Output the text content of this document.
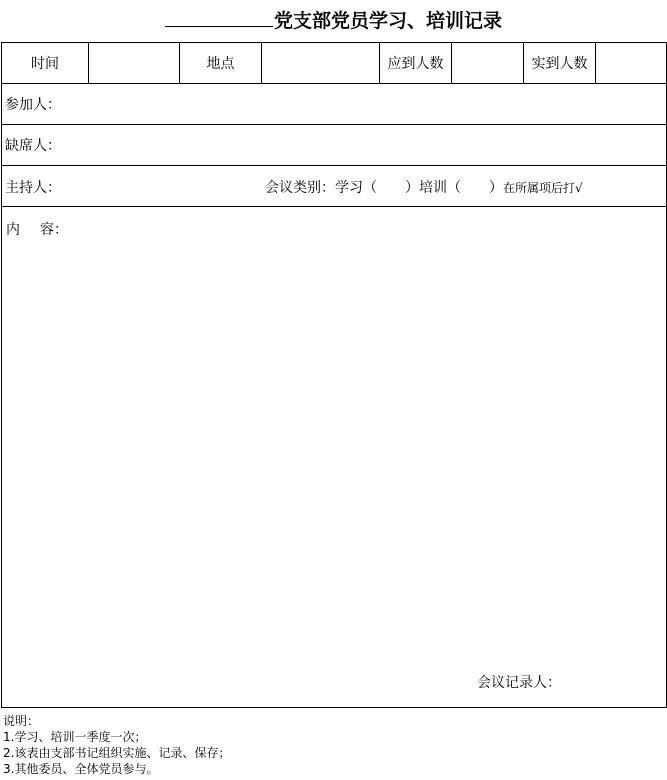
党支部党员学习、培训记录
时间		地点		应到人数		实到人数	
参加人：
缺席人：

主持人：	会议类别：学习（　　）培训（　　）在所属项后打√

内 容：
会议记录人：
说明：
1.学习、培训一季度一次；
2.该表由支部书记组织实施、记录、保存；
3.其他委员、全体党员参与。
